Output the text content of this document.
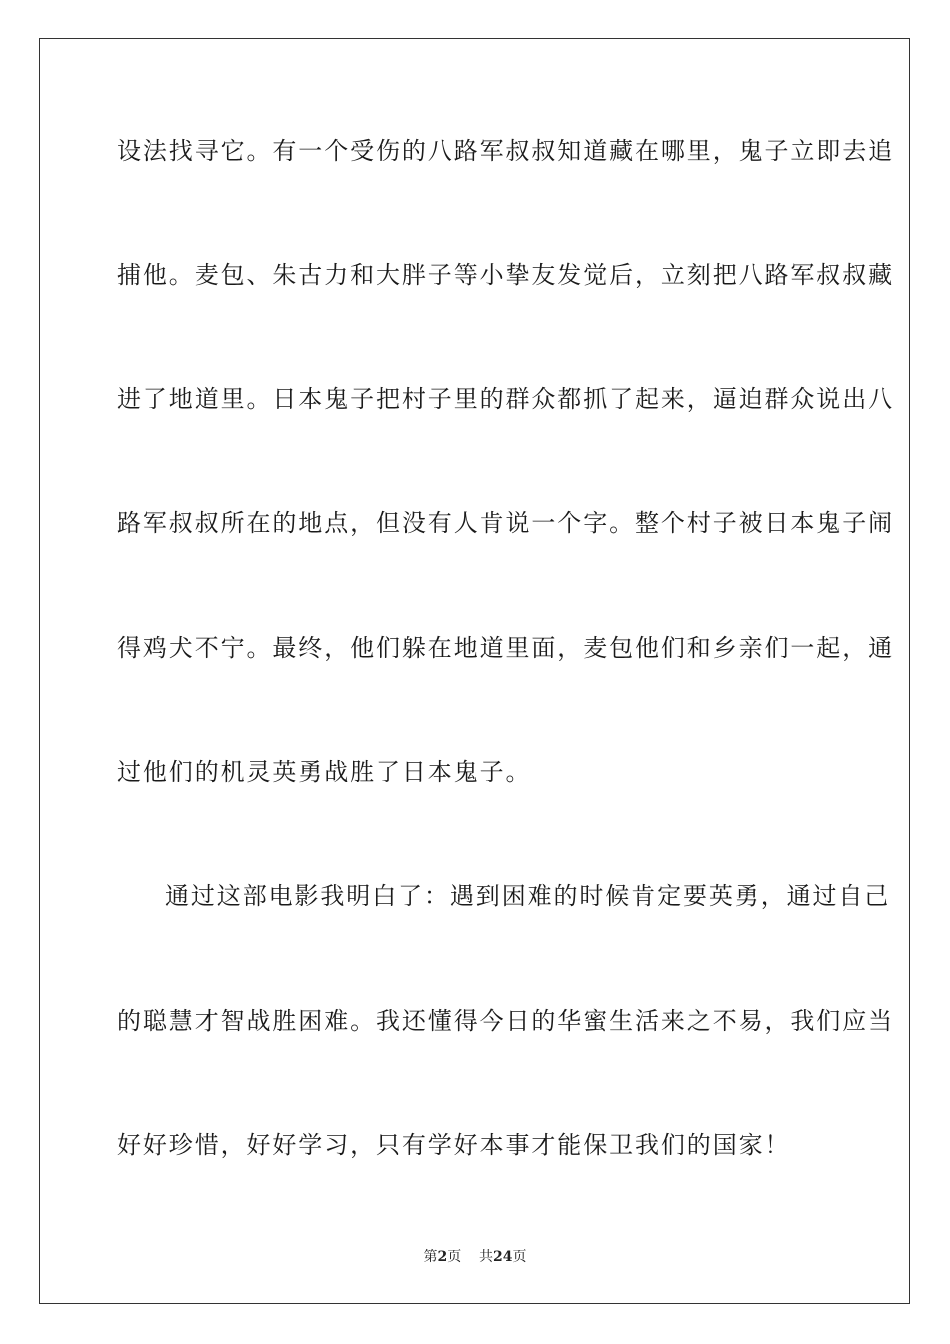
设法找寻它。有一个受伤的八路军叔叔知道藏在哪里，鬼子立即去追
捕他。麦包、朱古力和大胖子等小挚友发觉后，立刻把八路军叔叔藏
进了地道里。日本鬼子把村子里的群众都抓了起来，逼迫群众说出八
路军叔叔所在的地点，但没有人肯说一个字。整个村子被日本鬼子闹
得鸡犬不宁。最终，他们躲在地道里面，麦包他们和乡亲们一起，通
过他们的机灵英勇战胜了日本鬼子。
通过这部电影我明白了：遇到困难的时候肯定要英勇，通过自己
的聪慧才智战胜困难。我还懂得今日的华蜜生活来之不易，我们应当
好好珍惜，好好学习，只有学好本事才能保卫我们的国家！
第2页 共24页
